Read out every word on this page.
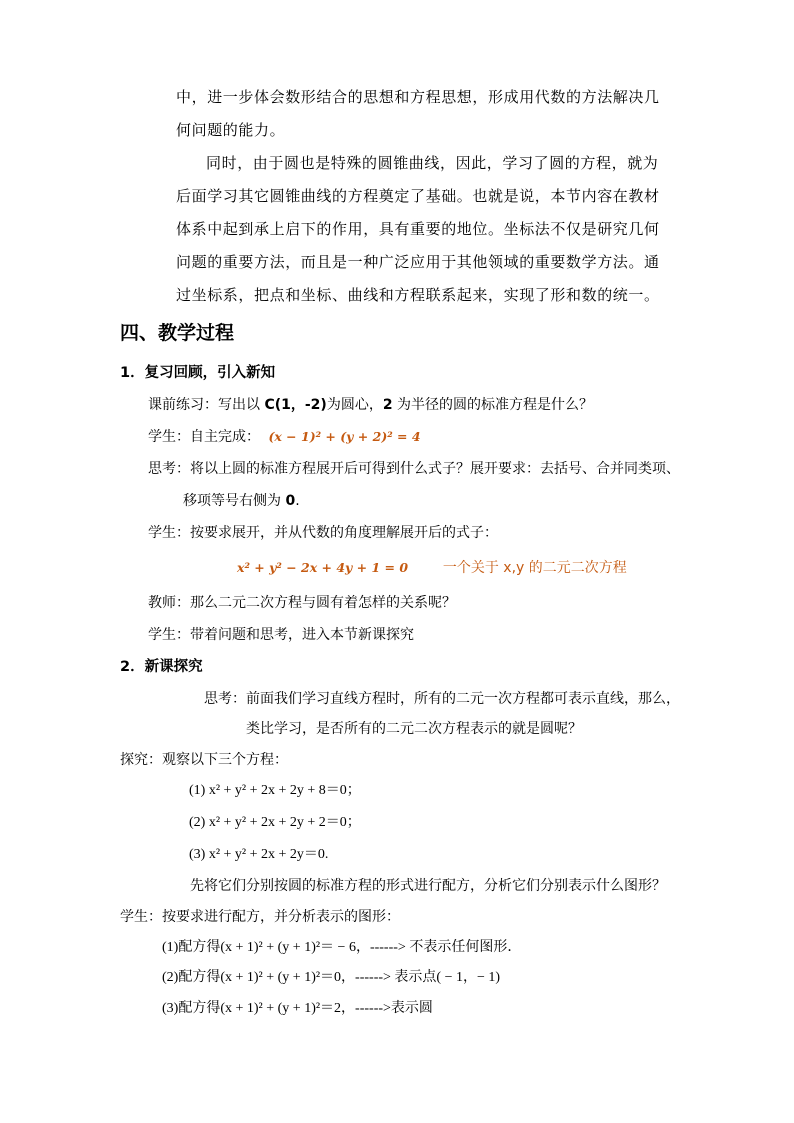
中，进一步体会数形结合的思想和方程思想，形成用代数的方法解决几
何问题的能力。
同时，由于圆也是特殊的圆锥曲线，因此，学习了圆的方程，就为
后面学习其它圆锥曲线的方程奠定了基础。也就是说，本节内容在教材
体系中起到承上启下的作用，具有重要的地位。坐标法不仅是研究几何
问题的重要方法，而且是一种广泛应用于其他领域的重要数学方法。通
过坐标系，把点和坐标、曲线和方程联系起来，实现了形和数的统一。
四、教学过程
1．复习回顾，引入新知
课前练习：写出以 C(1，-2)为圆心，2 为半径的圆的标准方程是什么？
学生：自主完成： (x − 1)² + (y + 2)² = 4
思考：将以上圆的标准方程展开后可得到什么式子？展开要求：去括号、合并同类项、
移项等号右侧为 0.
学生：按要求展开，并从代数的角度理解展开后的式子：
x² + y² − 2x + 4y + 1 = 0 一个关于 x,y 的二元二次方程
教师：那么二元二次方程与圆有着怎样的关系呢？
学生：带着问题和思考，进入本节新课探究
2．新课探究
思考：前面我们学习直线方程时，所有的二元一次方程都可表示直线，那么，
类比学习，是否所有的二元二次方程表示的就是圆呢？
探究：观察以下三个方程：
(1) x² + y² + 2x + 2y + 8＝0；
(2) x² + y² + 2x + 2y + 2＝0；
(3) x² + y² + 2x + 2y＝0.
先将它们分别按圆的标准方程的形式进行配方，分析它们分别表示什么图形？
学生：按要求进行配方，并分析表示的图形：
(1)配方得(x + 1)² + (y + 1)²＝ − 6，------> 不表示任何图形．
(2)配方得(x + 1)² + (y + 1)²＝0，------> 表示点( − 1，− 1)
(3)配方得(x + 1)² + (y + 1)²＝2，------>表示圆
